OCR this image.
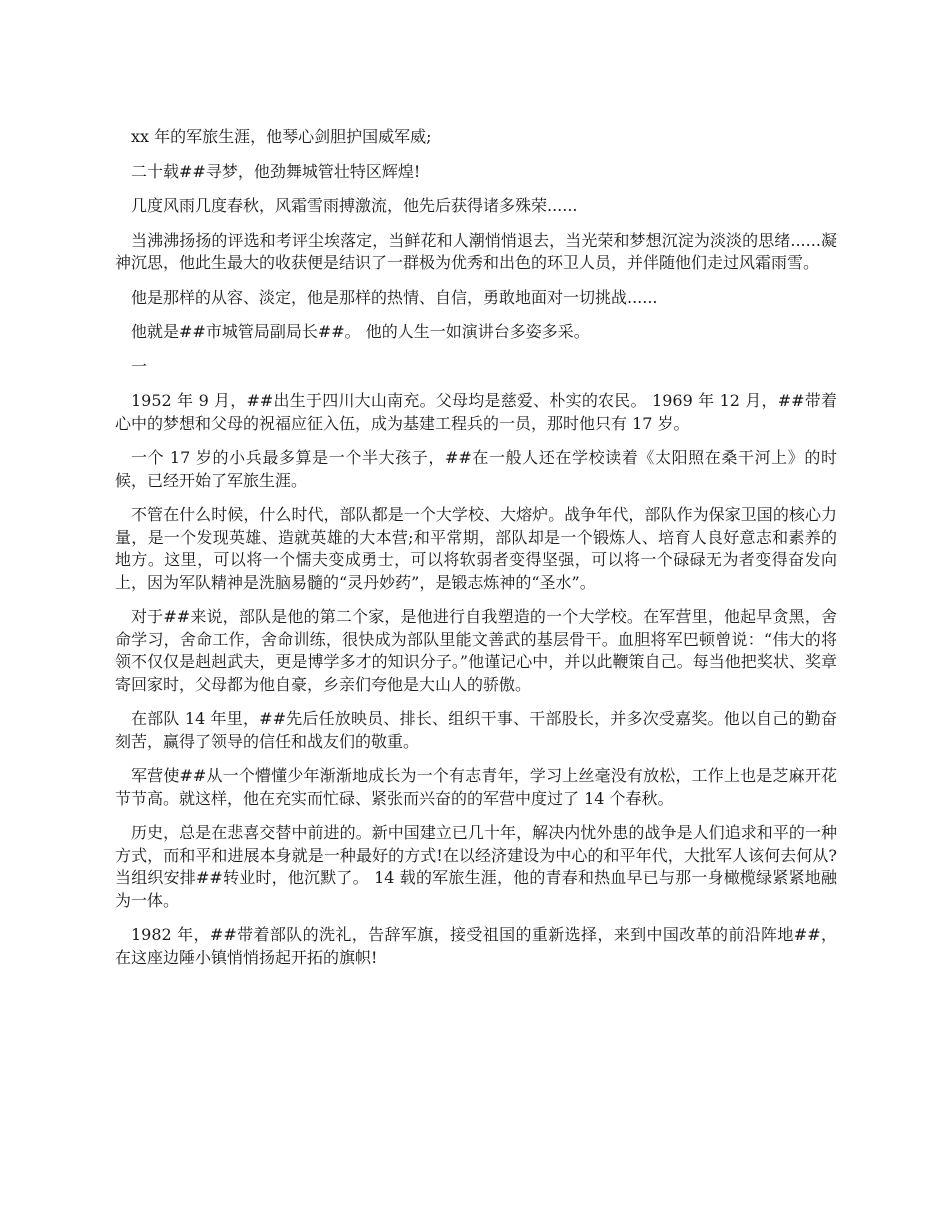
xx 年的军旅生涯，他琴心剑胆护国威军威;

二十载##寻梦，他劲舞城管壮特区辉煌!

几度风雨几度春秋，风霜雪雨搏激流，他先后获得诸多殊荣......

当沸沸扬扬的评选和考评尘埃落定，当鲜花和人潮悄悄退去，当光荣和梦想沉淀为淡淡的思绪......凝神沉思，他此生最大的收获便是结识了一群极为优秀和出色的环卫人员，并伴随他们走过风霜雨雪。

他是那样的从容、淡定，他是那样的热情、自信，勇敢地面对一切挑战......

他就是##市城管局副局长##。 他的人生一如演讲台多姿多采。

一

1952 年 9 月，##出生于四川大山南充。父母均是慈爱、朴实的农民。 1969 年 12 月，##带着心中的梦想和父母的祝福应征入伍，成为基建工程兵的一员，那时他只有 17 岁。

一个 17 岁的小兵最多算是一个半大孩子，##在一般人还在学校读着《太阳照在桑干河上》的时候，已经开始了军旅生涯。

不管在什么时候，什么时代，部队都是一个大学校、大熔炉。战争年代，部队作为保家卫国的核心力量，是一个发现英雄、造就英雄的大本营;和平常期，部队却是一个锻炼人、培育人良好意志和素养的地方。这里，可以将一个懦夫变成勇士，可以将软弱者变得坚强，可以将一个碌碌无为者变得奋发向上，因为军队精神是洗脑易髓的“灵丹妙药”，是锻志炼神的“圣水”。

对于##来说，部队是他的第二个家，是他进行自我塑造的一个大学校。在军营里，他起早贪黑，舍命学习，舍命工作，舍命训练，很快成为部队里能文善武的基层骨干。血胆将军巴顿曾说：“伟大的将领不仅仅是赳赳武夫，更是博学多才的知识分子。”他谨记心中，并以此鞭策自己。每当他把奖状、奖章寄回家时，父母都为他自豪，乡亲们夸他是大山人的骄傲。

在部队 14 年里，##先后任放映员、排长、组织干事、干部股长，并多次受嘉奖。他以自己的勤奋刻苦，赢得了领导的信任和战友们的敬重。

军营使##从一个懵懂少年渐渐地成长为一个有志青年，学习上丝毫没有放松，工作上也是芝麻开花节节高。就这样，他在充实而忙碌、紧张而兴奋的的军营中度过了 14 个春秋。

历史，总是在悲喜交替中前进的。新中国建立已几十年，解决内忧外患的战争是人们追求和平的一种方式，而和平和进展本身就是一种最好的方式!在以经济建设为中心的和平年代，大批军人该何去何从?当组织安排##转业时，他沉默了。 14 载的军旅生涯，他的青春和热血早已与那一身橄榄绿紧紧地融为一体。

1982 年，##带着部队的洗礼，告辞军旗，接受祖国的重新选择，来到中国改革的前沿阵地##，在这座边陲小镇悄悄扬起开拓的旗帜!
